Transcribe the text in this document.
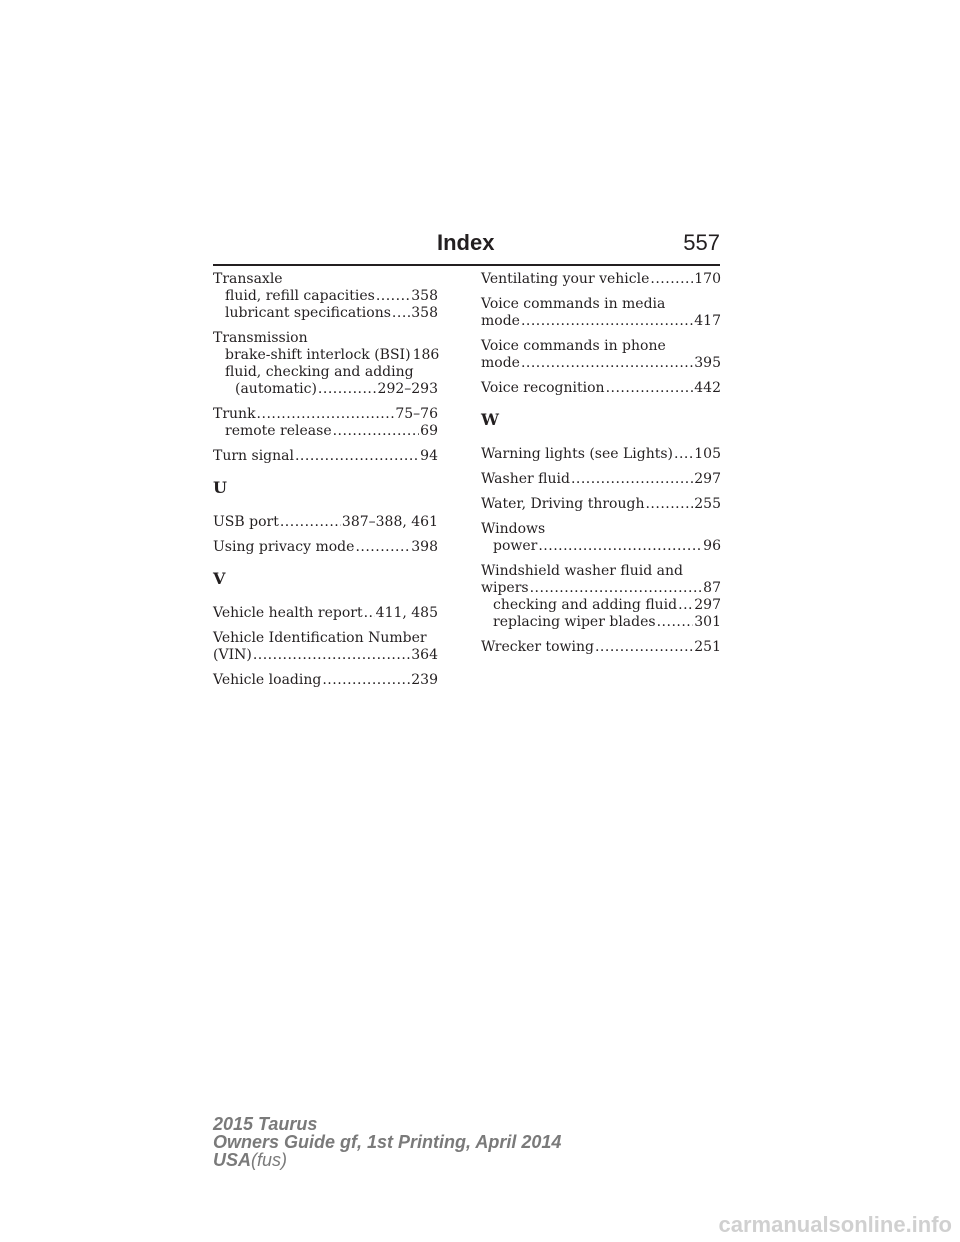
Index	557
Transaxle
fluid, refill capacities .....	358
lubricant specifications ..... 358
Transmission
brake-shift interlock (BSI) 186
fluid, checking and adding
(automatic) .....	292–293
Trunk .....	75–76
remote release .....	69
Turn signal .....	94
U
USB port .....	387–388, 461
Using privacy mode .....	398
V
Vehicle health report ..... 411, 485
Vehicle Identification Number
(VIN) .....	364
Vehicle loading .....	239
Ventilating your vehicle .....	170
Voice commands in media
mode .....	417
Voice commands in phone
mode .....	395
Voice recognition .....	442
W
Warning lights (see Lights) ..... 105
Washer fluid .....	297
Water, Driving through .....	255
Windows
power .....	96
Windshield washer fluid and
wipers .....	87
checking and adding fluid ..... 297
replacing wiper blades .....	301
Wrecker towing .....	251
2015 Taurus
Owners Guide gf, 1st Printing, April 2014
USA(fus)
carmanualsonline.info
